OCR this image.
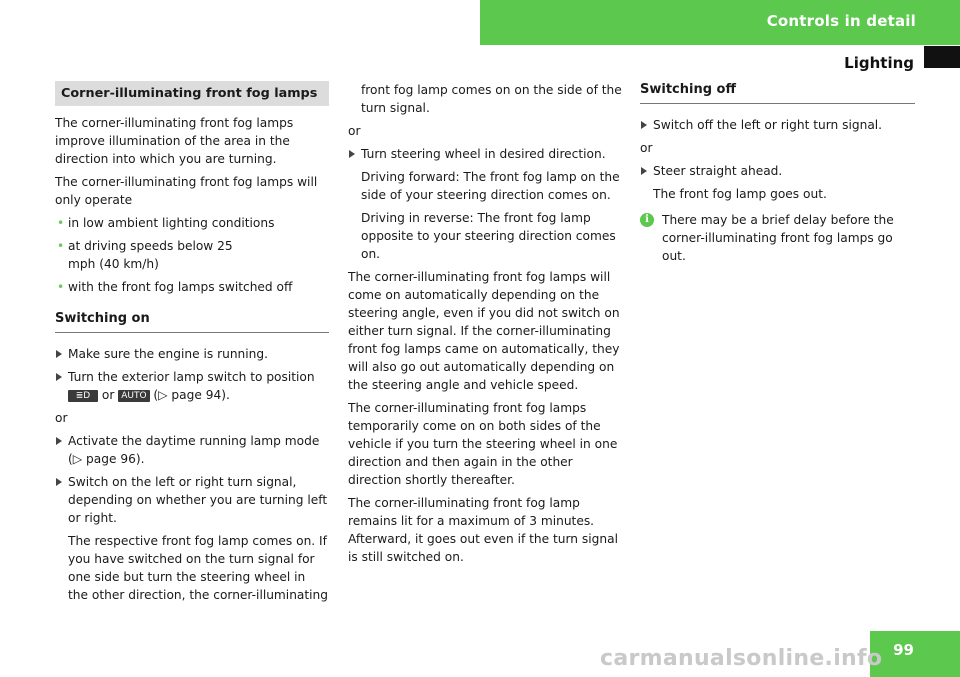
Controls in detail
Lighting
Corner-illuminating front fog lamps

The corner-illuminating front fog lamps improve illumination of the area in the direction into which you are turning.

The corner-illuminating front fog lamps will only operate

• in low ambient lighting conditions
• at driving speeds below 25 mph (40 km/h)
• with the front fog lamps switched off
Switching on
Make sure the engine is running.
Turn the exterior lamp switch to position
≣D or AUTO (▷ page 94).

or

Activate the daytime running lamp mode (▷ page 96).
Switch on the left or right turn signal, depending on whether you are turning left or right.
The respective front fog lamp comes on. If you have switched on the turn signal for one side but turn the steering wheel in the other direction, the corner-illuminating
front fog lamp comes on on the side of the turn signal.

or

Turn steering wheel in desired direction.
Driving forward: The front fog lamp on the side of your steering direction comes on.
Driving in reverse: The front fog lamp opposite to your steering direction comes on.

The corner-illuminating front fog lamps will come on automatically depending on the steering angle, even if you did not switch on either turn signal. If the corner-illuminating front fog lamps came on automatically, they will also go out automatically depending on the steering angle and vehicle speed.

The corner-illuminating front fog lamps temporarily come on on both sides of the vehicle if you turn the steering wheel in one direction and then again in the other direction shortly thereafter.

The corner-illuminating front fog lamp remains lit for a maximum of 3 minutes. Afterward, it goes out even if the turn signal is still switched on.

Switching off
Switch off the left or right turn signal.

or

Steer straight ahead.
The front fog lamp goes out.
i	There may be a brief delay before the corner-illuminating front fog lamps go out.
99
carmanualsonline.info
